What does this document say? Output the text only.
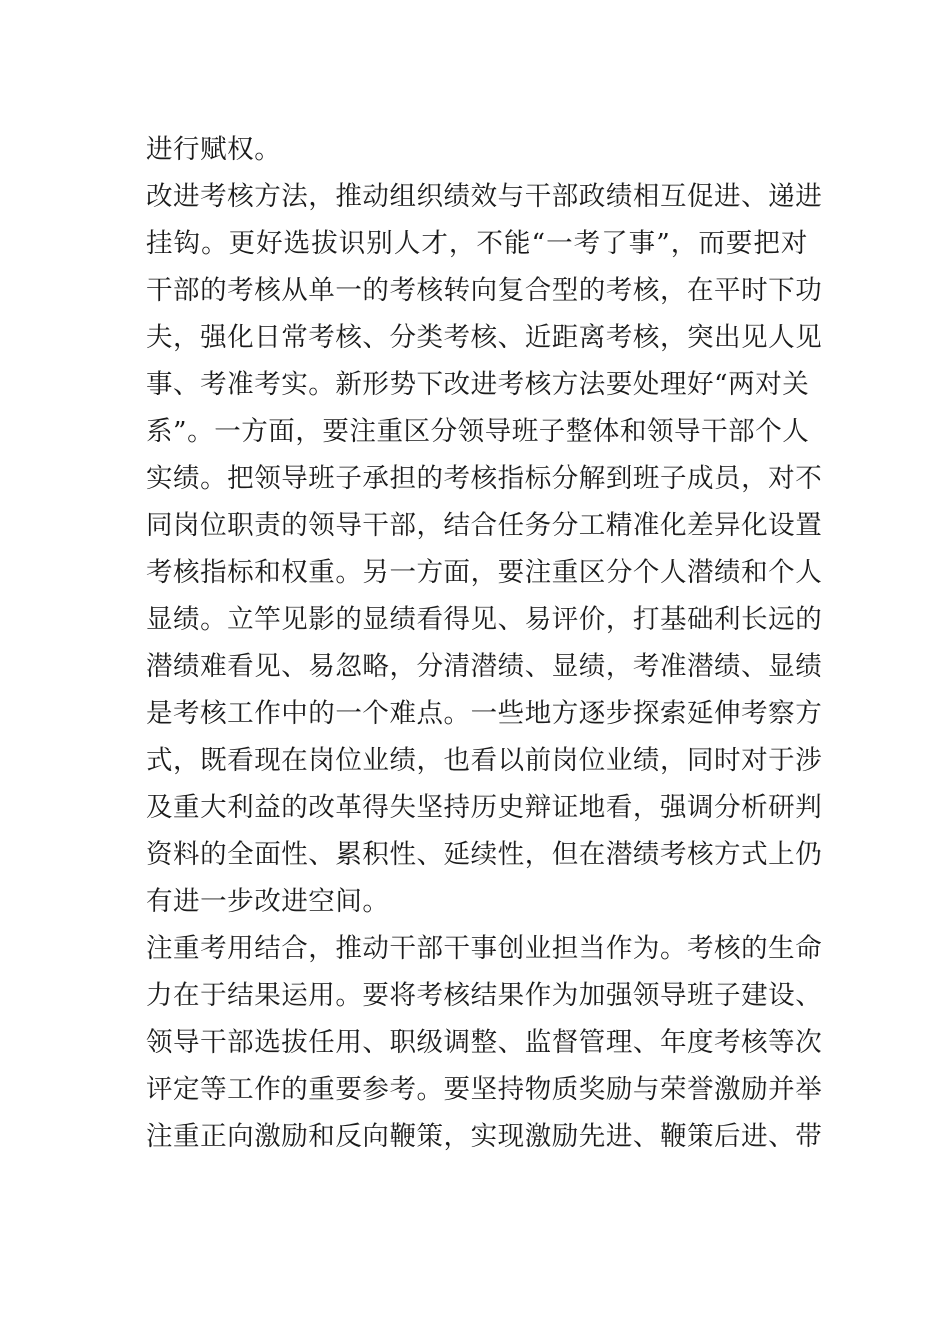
进行赋权。
改进考核方法，推动组织绩效与干部政绩相互促进、递进
挂钩。更好选拔识别人才，不能“一考了事”，而要把对
干部的考核从单一的考核转向复合型的考核，在平时下功
夫，强化日常考核、分类考核、近距离考核，突出见人见
事、考准考实。新形势下改进考核方法要处理好“两对关
系”。一方面，要注重区分领导班子整体和领导干部个人
实绩。把领导班子承担的考核指标分解到班子成员，对不
同岗位职责的领导干部，结合任务分工精准化差异化设置
考核指标和权重。另一方面，要注重区分个人潜绩和个人
显绩。立竿见影的显绩看得见、易评价，打基础利长远的
潜绩难看见、易忽略，分清潜绩、显绩，考准潜绩、显绩
是考核工作中的一个难点。一些地方逐步探索延伸考察方
式，既看现在岗位业绩，也看以前岗位业绩，同时对于涉
及重大利益的改革得失坚持历史辩证地看，强调分析研判
资料的全面性、累积性、延续性，但在潜绩考核方式上仍
有进一步改进空间。
注重考用结合，推动干部干事创业担当作为。考核的生命
力在于结果运用。要将考核结果作为加强领导班子建设、
领导干部选拔任用、职级调整、监督管理、年度考核等次
评定等工作的重要参考。要坚持物质奖励与荣誉激励并举
注重正向激励和反向鞭策，实现激励先进、鞭策后进、带
